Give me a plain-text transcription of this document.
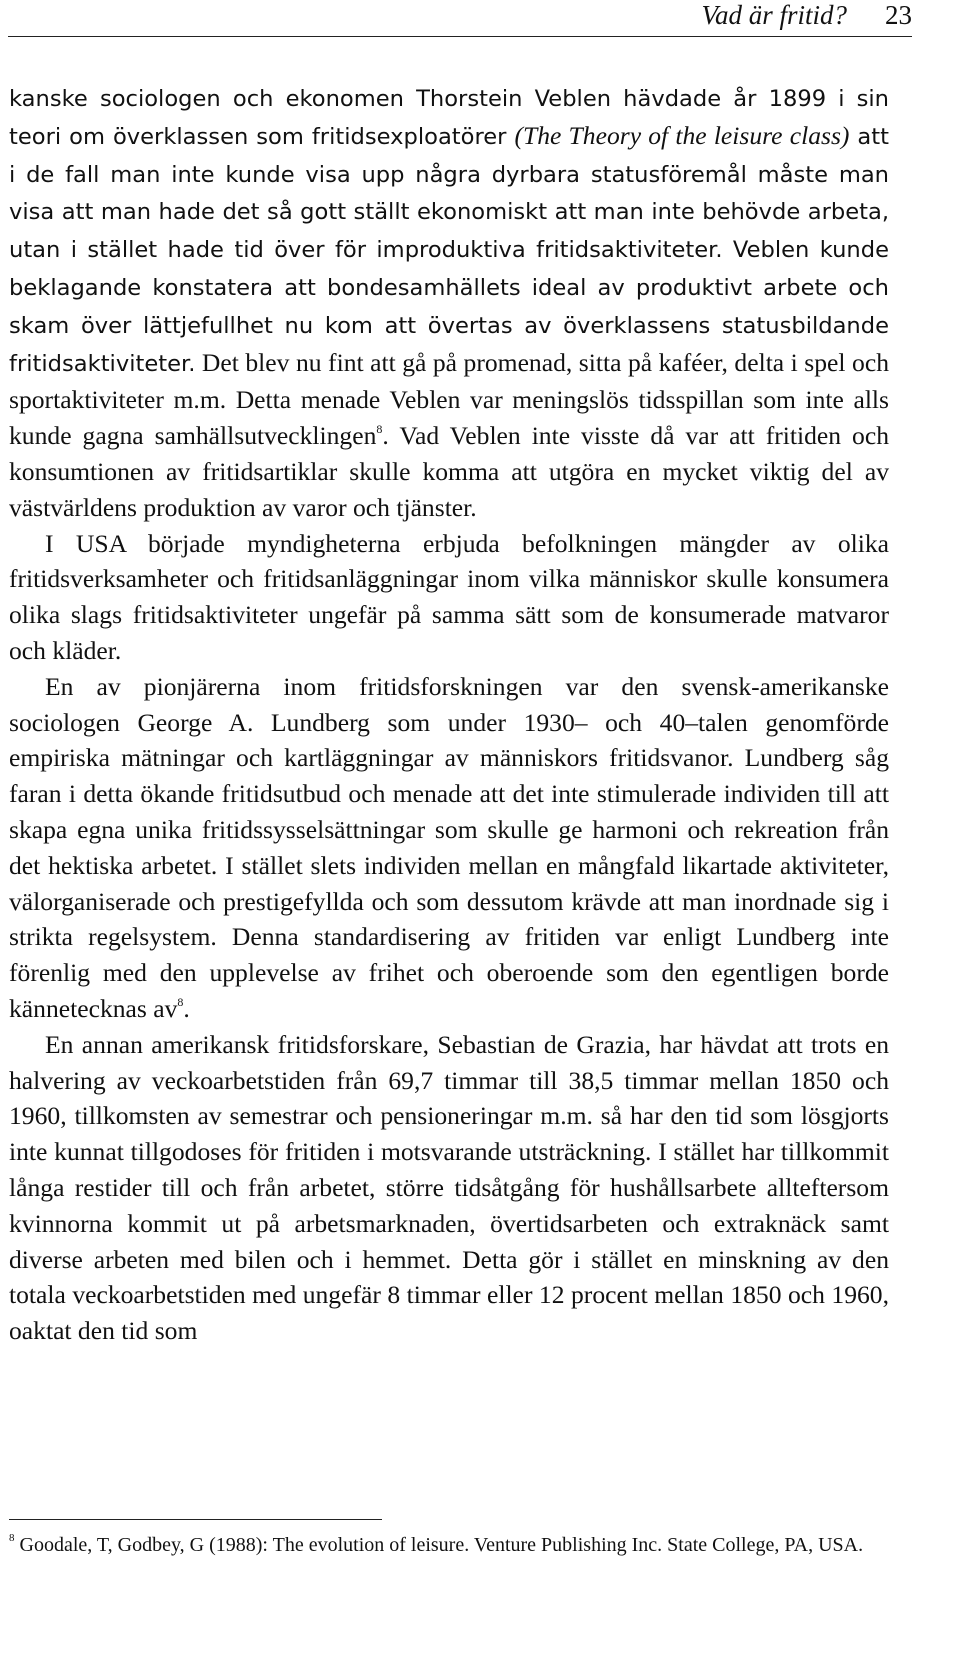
Vad är fritid? 23

kanske sociologen och ekonomen Thorstein Veblen hävdade år 1899 i sin teori om överklassen som fritidsexploatörer (The Theory of the leisure class) att i de fall man inte kunde visa upp några dyrbara statusföremål måste man visa att man hade det så gott ställt ekonomiskt att man inte behövde arbeta, utan i stället hade tid över för improduktiva fritidsaktiviteter. Veblen kunde beklagande konstatera att bondesamhällets ideal av produktivt arbete och skam över lättjefullhet nu kom att övertas av överklassens statusbildande fritidsaktiviteter. Det blev nu fint att gå på promenad, sitta på kaféer, delta i spel och sportaktiviteter m.m. Detta menade Veblen var meningslös tidsspillan som inte alls kunde gagna samhällsutvecklingen$^8$. Vad Veblen inte visste då var att fritiden och konsumtionen av fritidsartiklar skulle komma att utgöra en mycket viktig del av västvärldens produktion av varor och tjänster.

I USA började myndigheterna erbjuda befolkningen mängder av olika fritidsverksamheter och fritidsanläggningar inom vilka människor skulle konsumera olika slags fritidsaktiviteter ungefär på samma sätt som de konsumerade matvaror och kläder.

En av pionjärerna inom fritidsforskningen var den svensk-amerikanske sociologen George A. Lundberg som under 1930– och 40–talen genomförde empiriska mätningar och kartläggningar av människors fritidsvanor. Lundberg såg faran i detta ökande fritidsutbud och menade att det inte stimulerade individen till att skapa egna unika fritidssysselsättningar som skulle ge harmoni och rekreation från det hektiska arbetet. I stället slets individen mellan en mångfald likartade aktiviteter, välorganiserade och prestigefyllda och som dessutom krävde att man inordnade sig i strikta regelsystem. Denna standardisering av fritiden var enligt Lundberg inte förenlig med den upplevelse av frihet och oberoende som den egentligen borde kännetecknas $av^8$.

En annan amerikansk fritidsforskare, Sebastian de Grazia, har hävdat att trots en halvering av veckoarbetstiden från 69,7 timmar till 38,5 timmar mellan 1850 och 1960, tillkomsten av semestrar och pensioneringar m.m. så har den tid som lösgjorts inte kunnat tillgodoses för fritiden i motsvarande utsträckning. I stället har tillkommit långa restider till och från arbetet, större tidsåtgång för hushållsarbete allteftersom kvinnorna kommit ut på arbetsmarknaden, övertidsarbeten och extraknäck samt diverse arbeten med bilen och i hemmet. Detta gör i stället en minskning av den totala veckoarbetstiden med ungefär 8 timmar eller 12 procent mellan 1850 och 1960, oaktat den tid som

$^8$ Goodale, T, Godbey, G (1988): The evolution of leisure. Venture Publishing Inc. State College, PA, USA.
